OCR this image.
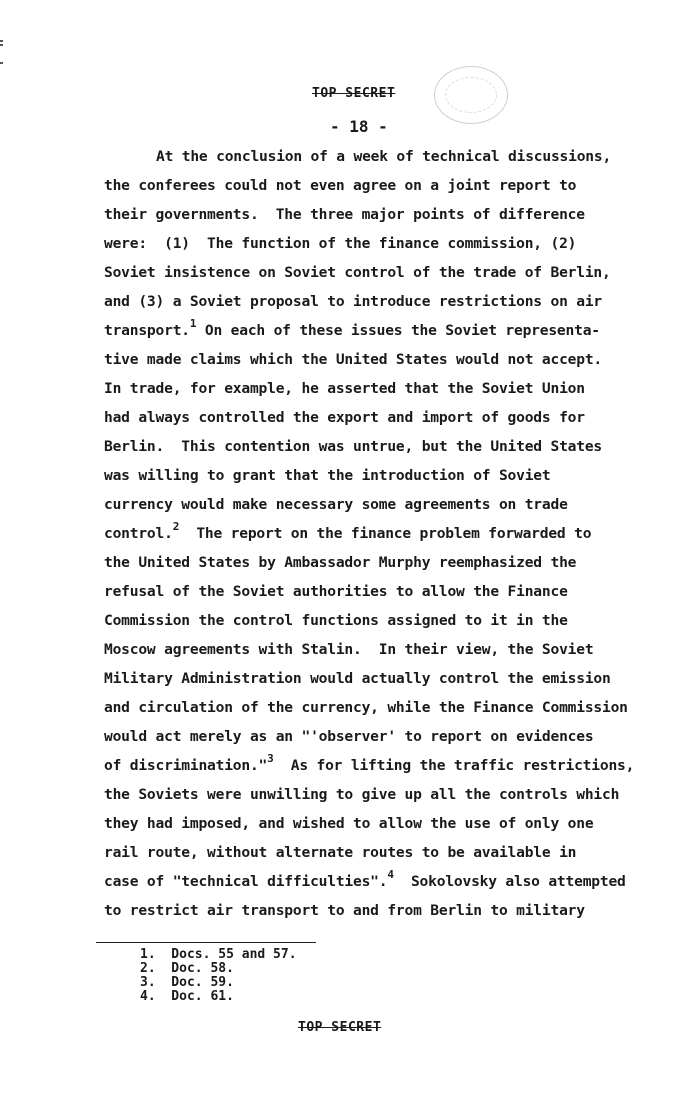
TOP SECRET
- 18 -
At the conclusion of a week of technical discussions,
the conferees could not even agree on a joint report to
their governments.  The three major points of difference
were:  (1)  The function of the finance commission, (2)
Soviet insistence on Soviet control of the trade of Berlin,
and (3) a Soviet proposal to introduce restrictions on air
transport.$^1$ On each of these issues the Soviet representa-
tive made claims which the United States would not accept.
In trade, for example, he asserted that the Soviet Union
had always controlled the export and import of goods for
Berlin.  This contention was untrue, but the United States
was willing to grant that the introduction of Soviet
currency would make necessary some agreements on trade
control.$^2$  The report on the finance problem forwarded to
the United States by Ambassador Murphy reemphasized the
refusal of the Soviet authorities to allow the Finance
Commission the control functions assigned to it in the
Moscow agreements with Stalin.  In their view, the Soviet
Military Administration would actually control the emission
and circulation of the currency, while the Finance Commission
would act merely as an "'observer' to report on evidences
of discrimination."$^3$  As for lifting the traffic restrictions,
the Soviets were unwilling to give up all the controls which
they had imposed, and wished to allow the use of only one
rail route, without alternate routes to be available in
case of "technical difficulties".$^4$  Sokolovsky also attempted
to restrict air transport to and from Berlin to military
1.  Docs. 55 and 57.
2.  Doc. 58.
3.  Doc. 59.
4.  Doc. 61.
TOP SECRET
